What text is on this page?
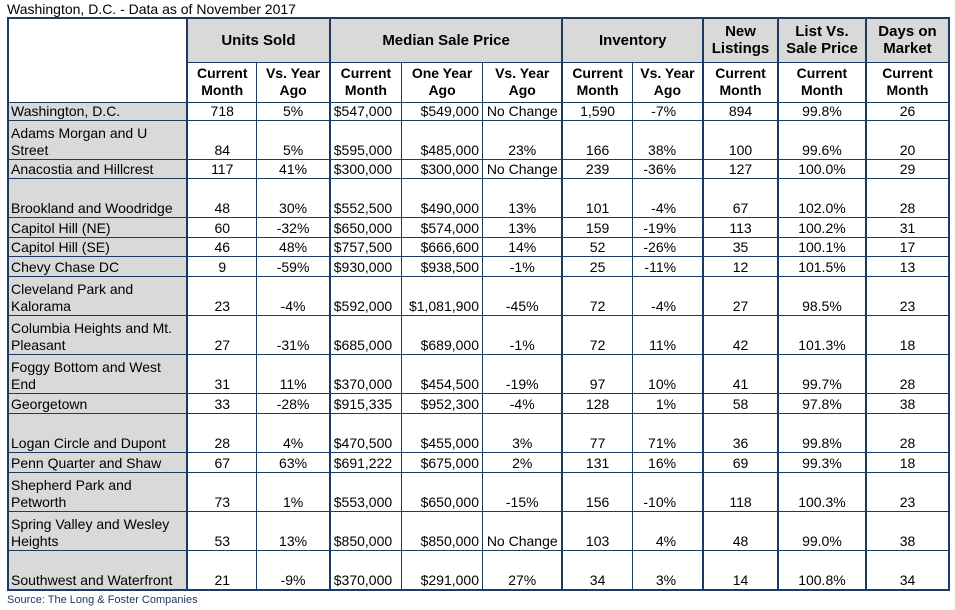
Washington, D.C. - Data as of November 2017
	Units Sold		Median Sale Price			Inventory		New Listings	List Vs. Sale Price	Days on Market
	Current Month	Vs. Year Ago	Current Month	One Year Ago	Vs. Year Ago	Current Month	Vs. Year Ago	Current Month	Current Month	Current Month
Washington, D.C.	718	5%	$547,000	$549,000	No Change	1,590	-7%	894	99.8%	26
Adams Morgan and U Street	84	5%	$595,000	$485,000	23%	166	38%	100	99.6%	20
Anacostia and Hillcrest	117	41%	$300,000	$300,000	No Change	239	-36%	127	100.0%	29
Brookland and Woodridge	48	30%	$552,500	$490,000	13%	101	-4%	67	102.0%	28
Capitol Hill (NE)	60	-32%	$650,000	$574,000	13%	159	-19%	113	100.2%	31
Capitol Hill (SE)	46	48%	$757,500	$666,600	14%	52	-26%	35	100.1%	17
Chevy Chase DC	9	-59%	$930,000	$938,500	-1%	25	-11%	12	101.5%	13
Cleveland Park and Kalorama	23	-4%	$592,000	$1,081,900	-45%	72	-4%	27	98.5%	23
Columbia Heights and Mt. Pleasant	27	-31%	$685,000	$689,000	-1%	72	11%	42	101.3%	18
Foggy Bottom and West End	31	11%	$370,000	$454,500	-19%	97	10%	41	99.7%	28
Georgetown	33	-28%	$915,335	$952,300	-4%	128	1%	58	97.8%	38
Logan Circle and Dupont	28	4%	$470,500	$455,000	3%	77	71%	36	99.8%	28
Penn Quarter and Shaw	67	63%	$691,222	$675,000	2%	131	16%	69	99.3%	18
Shepherd Park and Petworth	73	1%	$553,000	$650,000	-15%	156	-10%	118	100.3%	23
Spring Valley and Wesley Heights	53	13%	$850,000	$850,000	No Change	103	4%	48	99.0%	38
Southwest and Waterfront	21	-9%	$370,000	$291,000	27%	34	3%	14	100.8%	34
Source: The Long & Foster Companies
